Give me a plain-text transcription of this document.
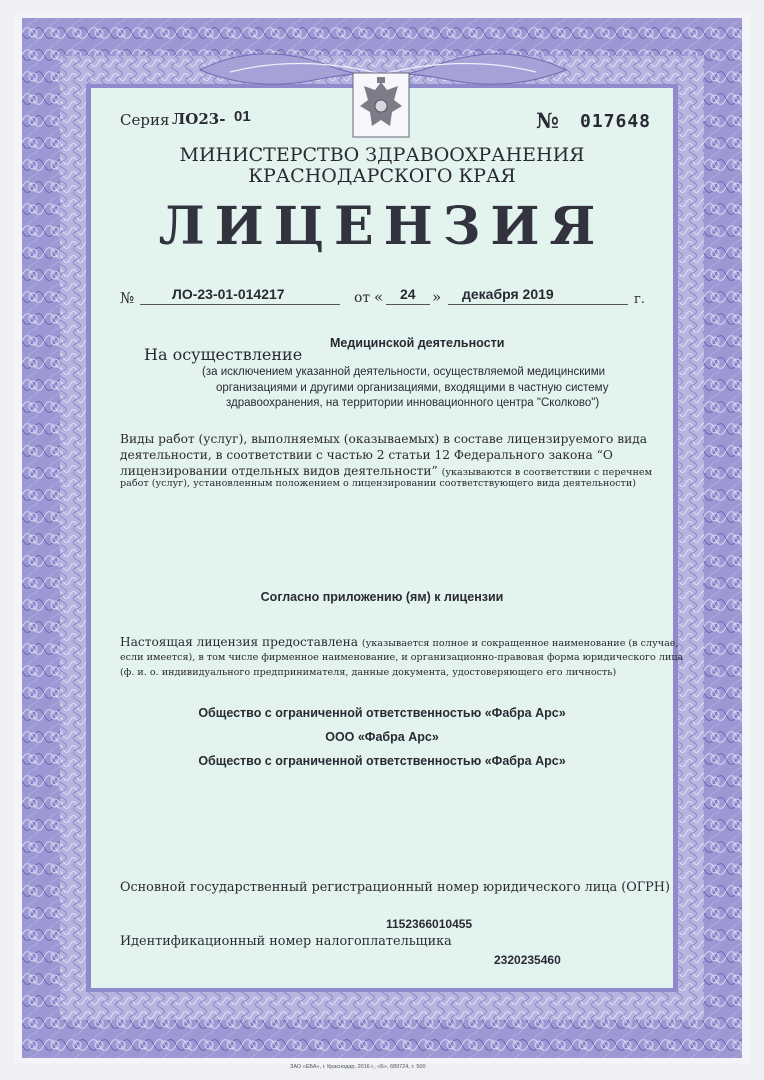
Серия ЛО23- 01	№ 017648
МИНИСТЕРСТВО ЗДРАВООХРАНЕНИЯ
КРАСНОДАРСКОГО КРАЯ
ЛИЦЕНЗИЯ
№	ЛО-23-01-014217	от « 24 » декабря 2019	г.
Медицинской деятельности
На осуществление
(за исключением указанной деятельности, осуществляемой медицинскими
организациями и другими организациями, входящими в частную систему
здравоохранения, на территории инновационного центра "Сколково")
Виды работ (услуг), выполняемых (оказываемых) в составе лицензируемого вида
деятельности, в соответствии с частью 2 статьи 12 Федерального закона “О
лицензировании отдельных видов деятельности” (указываются в соответствии с перечнем
работ (услуг), установленным положением о лицензировании соответствующего вида деятельности)
Согласно приложению (ям) к лицензии
Настоящая лицензия предоставлена (указывается полное и сокращенное наименование (в случае,
если имеется), в том числе фирменное наименование, и организационно-правовая форма юридического лица
(ф. и. о. индивидуального предпринимателя, данные документа, удостоверяющего его личность)
Общество с ограниченной ответственностью «Фабра Арс»
ООО «Фабра Арс»
Общество с ограниченной ответственностью «Фабра Арс»
Основной государственный регистрационный номер юридического лица (ОГРН)
1152366010455
Идентификационный номер налогоплательщика
2320235460
ЗАО «ЕБА», г. Краснодар, 2016 г., «Б», 689724, т. 500
